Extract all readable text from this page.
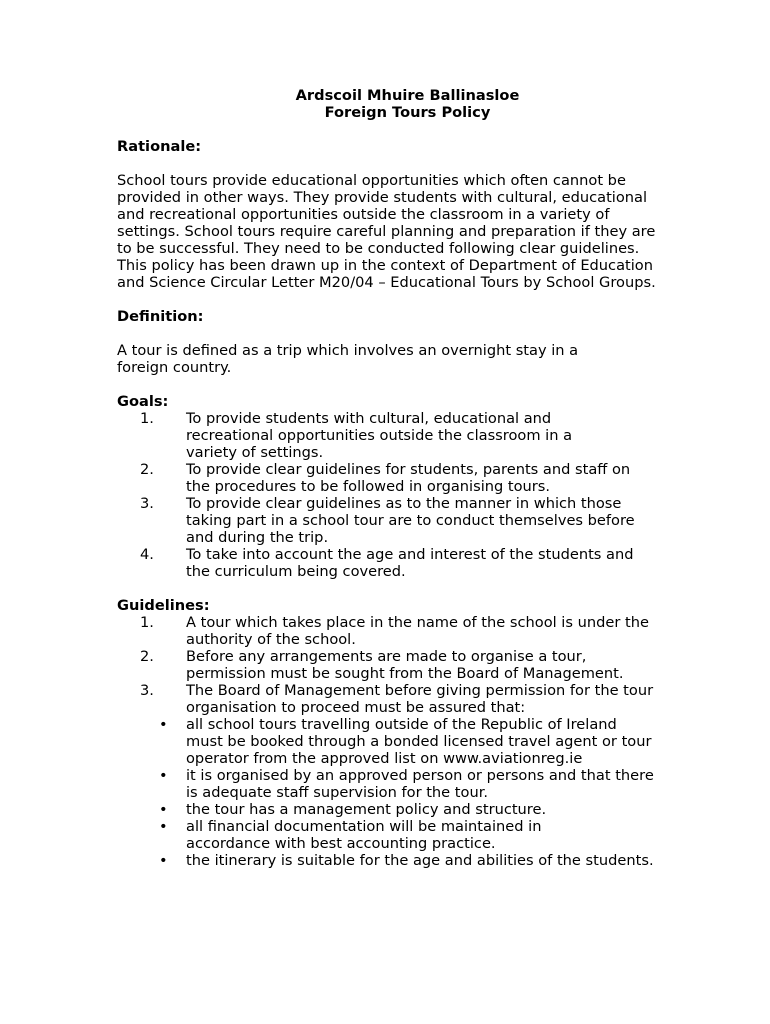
Ardscoil Mhuire Ballinasloe
Foreign Tours Policy
Rationale:

School tours provide educational opportunities which often cannot be provided in other ways. They provide students with cultural, educational and recreational opportunities outside the classroom in a variety of settings. School tours require careful planning and preparation if they are to be successful. They need to be conducted following clear guidelines. This policy has been drawn up in the context of Department of Education and Science Circular Letter M20/04 – Educational Tours by School Groups.

Definition:

A tour is defined as a trip which involves an overnight stay in a foreign country.

Goals:
1. To provide students with cultural, educational and recreational opportunities outside the classroom in a variety of settings.
2. To provide clear guidelines for students, parents and staff on the procedures to be followed in organising tours.
3. To provide clear guidelines as to the manner in which those taking part in a school tour are to conduct themselves before and during the trip.
4. To take into account the age and interest of the students and the curriculum being covered.
Guidelines:
1. A tour which takes place in the name of the school is under the authority of the school.
2. Before any arrangements are made to organise a tour, permission must be sought from the Board of Management.
3. The Board of Management before giving permission for the tour organisation to proceed must be assured that:
• all school tours travelling outside of the Republic of Ireland must be booked through a bonded licensed travel agent or tour operator from the approved list on www.aviationreg.ie
• it is organised by an approved person or persons and that there is adequate staff supervision for the tour.
• the tour has a management policy and structure.
• all financial documentation will be maintained in accordance with best accounting practice.
• the itinerary is suitable for the age and abilities of the students.
